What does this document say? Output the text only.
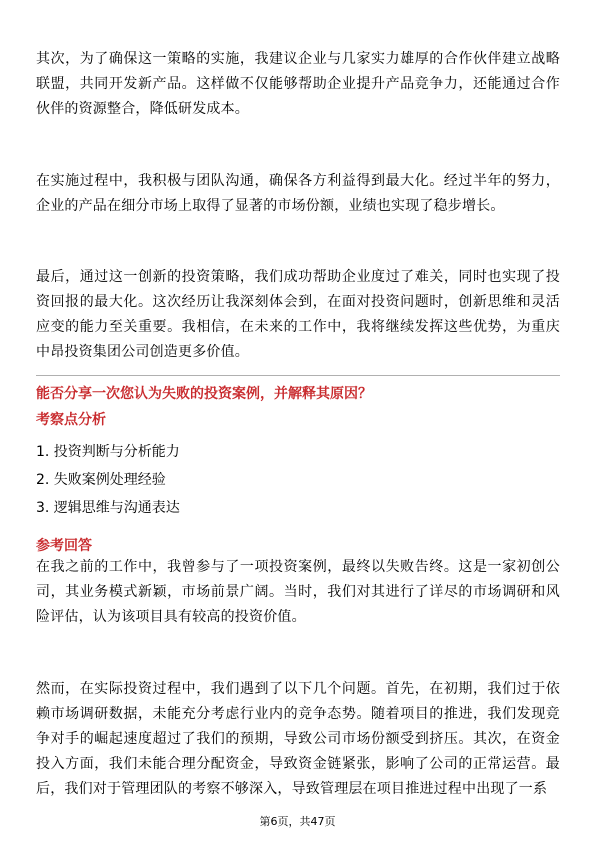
其次，为了确保这一策略的实施，我建议企业与几家实力雄厚的合作伙伴建立战略联盟，共同开发新产品。这样做不仅能够帮助企业提升产品竞争力，还能通过合作伙伴的资源整合，降低研发成本。

在实施过程中，我积极与团队沟通，确保各方利益得到最大化。经过半年的努力，企业的产品在细分市场上取得了显著的市场份额，业绩也实现了稳步增长。

最后，通过这一创新的投资策略，我们成功帮助企业度过了难关，同时也实现了投资回报的最大化。这次经历让我深刻体会到，在面对投资问题时，创新思维和灵活应变的能力至关重要。我相信，在未来的工作中，我将继续发挥这些优势，为重庆中昂投资集团公司创造更多价值。

能否分享一次您认为失败的投资案例，并解释其原因？

考察点分析

1. 投资判断与分析能力
2. 失败案例处理经验
3. 逻辑思维与沟通表达

参考回答

在我之前的工作中，我曾参与了一项投资案例，最终以失败告终。这是一家初创公司，其业务模式新颖，市场前景广阔。当时，我们对其进行了详尽的市场调研和风险评估，认为该项目具有较高的投资价值。

然而，在实际投资过程中，我们遇到了以下几个问题。首先，在初期，我们过于依赖市场调研数据，未能充分考虑行业内的竞争态势。随着项目的推进，我们发现竞争对手的崛起速度超过了我们的预期，导致公司市场份额受到挤压。其次，在资金投入方面，我们未能合理分配资金，导致资金链紧张，影响了公司的正常运营。最后，我们对于管理团队的考察不够深入，导致管理层在项目推进过程中出现了一系

第6页，共47页
